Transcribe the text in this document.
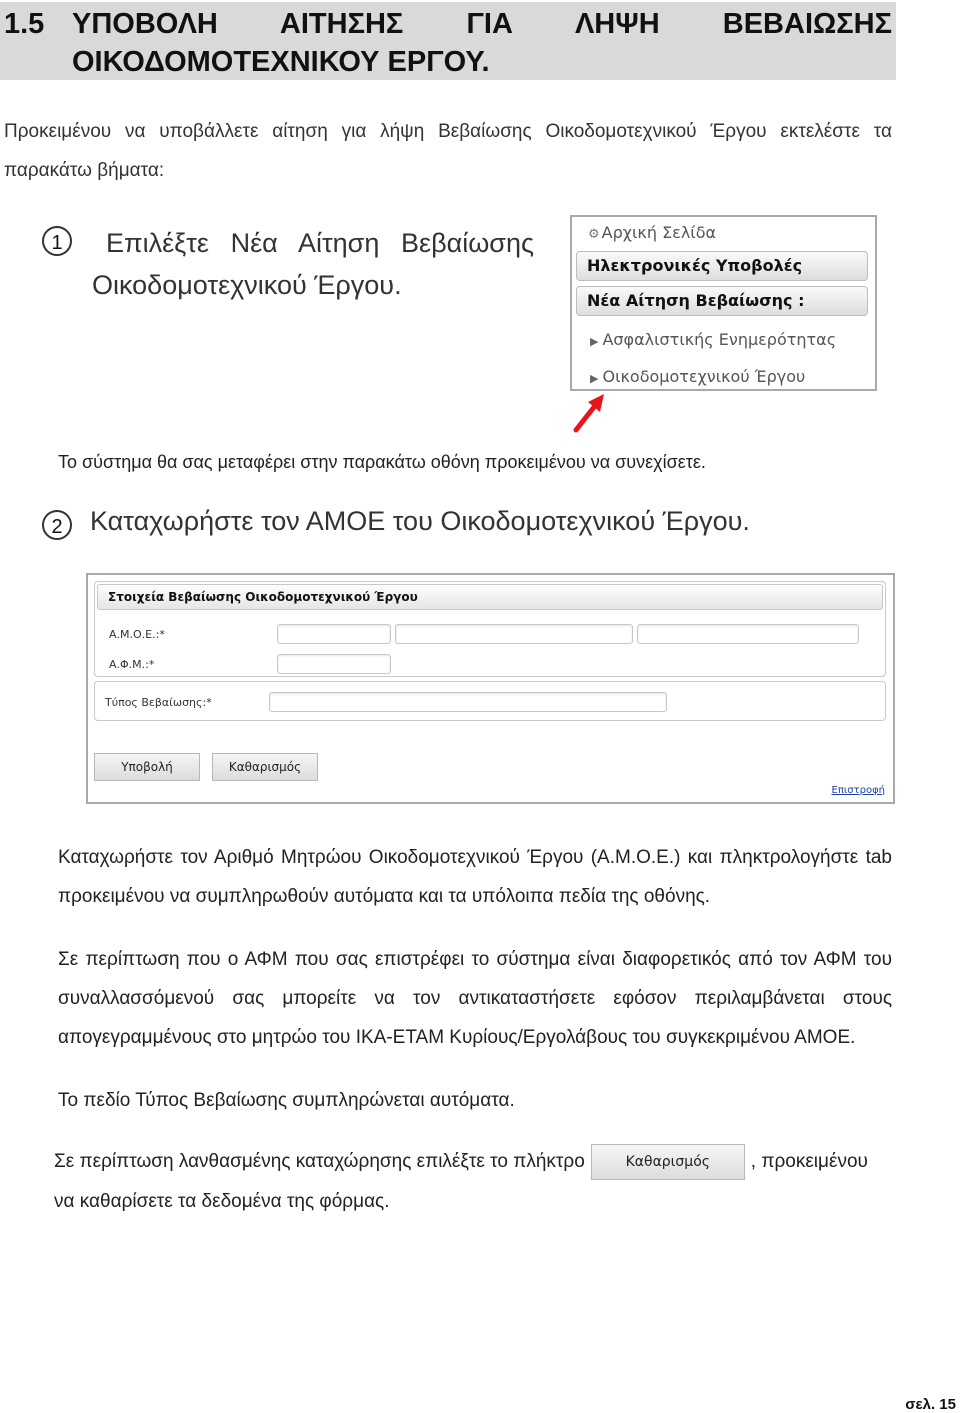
1.5 ΥΠΟΒΟΛΗ ΑΙΤΗΣΗΣ ΓΙΑ ΛΗΨΗ ΒΕΒΑΙΩΣΗΣ
ΟΙΚΟΔΟΜΟΤΕΧΝΙΚΟΥ ΕΡΓΟΥ.
Προκειμένου να υποβάλλετε αίτηση για λήψη Βεβαίωσης Οικοδομοτεχνικού Έργου εκτελέστε τα παρακάτω βήματα:
1	Επιλέξτε Νέα Αίτηση Βεβαίωσης
Οικοδομοτεχνικού Έργου.
⚙ Αρχική Σελίδα
Ηλεκτρονικές Υποβολές
Νέα Αίτηση Βεβαίωσης :
▶ Ασφαλιστικής Ενημερότητας
▶ Οικοδομοτεχνικού Έργου
Το σύστημα θα σας μεταφέρει στην παρακάτω οθόνη προκειμένου να συνεχίσετε.
2	Καταχωρήστε τον ΑΜΟΕ του Οικοδομοτεχνικού Έργου.
Στοιχεία Βεβαίωσης Οικοδομοτεχνικού Έργου
Α.Μ.Ο.Ε.:*
Α.Φ.Μ.:*
Τύπος Βεβαίωσης:*
Υποβολή	Καθαρισμός
Επιστροφή
Καταχωρήστε τον Αριθμό Μητρώου Οικοδομοτεχνικού Έργου (Α.Μ.Ο.Ε.) και πληκτρολογήστε tab προκειμένου να συμπληρωθούν αυτόματα και τα υπόλοιπα πεδία της οθόνης.
Σε περίπτωση που ο ΑΦΜ που σας επιστρέφει το σύστημα είναι διαφορετικός από τον ΑΦΜ του συναλλασσόμενού σας μπορείτε να τον αντικαταστήσετε εφόσον περιλαμβάνεται στους απογεγραμμένους στο μητρώο του ΙΚΑ-ΕΤΑΜ Κυρίους/Εργολάβους του συγκεκριμένου ΑΜΟΕ.
Το πεδίο Τύπος Βεβαίωσης συμπληρώνεται αυτόματα.
Σε περίπτωση λανθασμένης καταχώρησης επιλέξτε το πλήκτρο	Καθαρισμός , προκειμένου να καθαρίσετε τα δεδομένα της φόρμας.
σελ. 15
